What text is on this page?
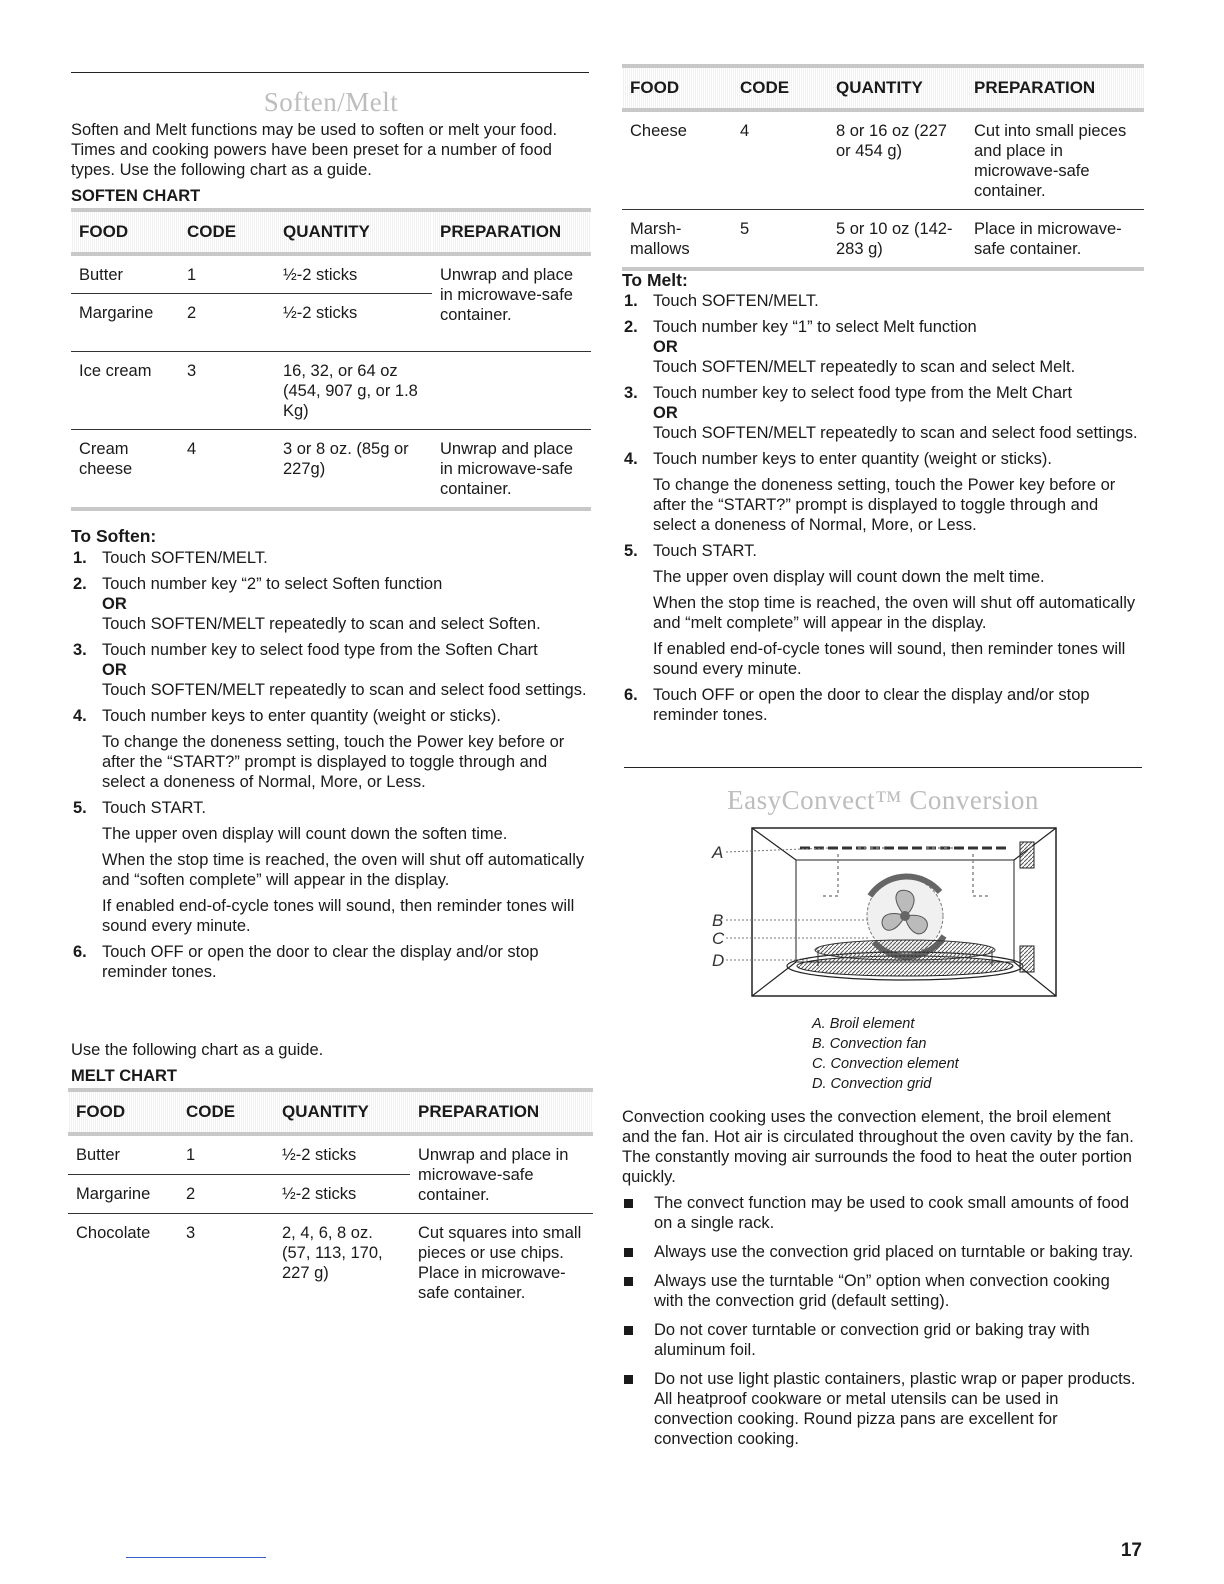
Soften/Melt
Soften and Melt functions may be used to soften or melt your food. Times and cooking powers have been preset for a number of food types. Use the following chart as a guide.
SOFTEN CHART
FOOD	CODE	QUANTITY	PREPARATION
Butter	1	½-2 sticks	Unwrap and place in microwave-safe container.
Margarine	2	½-2 sticks	
Ice cream	3	16, 32, or 64 oz (454, 907 g, or 1.8 Kg)	
Cream cheese	4	3 or 8 oz. (85g or 227g)	Unwrap and place in microwave-safe container.
To Soften:
1. Touch SOFTEN/MELT.
2. Touch number key “2” to select Soften function
OR
Touch SOFTEN/MELT repeatedly to scan and select Soften.
3. Touch number key to select food type from the Soften Chart
OR
Touch SOFTEN/MELT repeatedly to scan and select food settings.
4. Touch number keys to enter quantity (weight or sticks).
To change the doneness setting, touch the Power key before or after the “START?” prompt is displayed to toggle through and select a doneness of Normal, More, or Less.
5. Touch START.
The upper oven display will count down the soften time.
When the stop time is reached, the oven will shut off automatically and “soften complete” will appear in the display.
If enabled end-of-cycle tones will sound, then reminder tones will sound every minute.
6. Touch OFF or open the door to clear the display and/or stop reminder tones.
Use the following chart as a guide.
MELT CHART
FOOD	CODE	QUANTITY	PREPARATION
Butter	1	½-2 sticks	Unwrap and place in microwave-safe container.
Margarine	2	½-2 sticks	
Chocolate	3	2, 4, 6, 8 oz. (57, 113, 170, 227 g)	Cut squares into small pieces or use chips. Place in microwave-safe container.
FOOD	CODE	QUANTITY	PREPARATION
Cheese	4	8 or 16 oz (227 or 454 g)	Cut into small pieces and place in microwave-safe container.
Marsh- mallows	5	5 or 10 oz (142-283 g)	Place in microwave-safe container.
To Melt:
1. Touch SOFTEN/MELT.
2. Touch number key “1” to select Melt function
OR
Touch SOFTEN/MELT repeatedly to scan and select Melt.
3. Touch number key to select food type from the Melt Chart
OR
Touch SOFTEN/MELT repeatedly to scan and select food settings.
4. Touch number keys to enter quantity (weight or sticks).
To change the doneness setting, touch the Power key before or after the “START?” prompt is displayed to toggle through and select a doneness of Normal, More, or Less.
5. Touch START.
The upper oven display will count down the melt time.
When the stop time is reached, the oven will shut off automatically and “melt complete” will appear in the display.
If enabled end-of-cycle tones will sound, then reminder tones will sound every minute.
6. Touch OFF or open the door to clear the display and/or stop reminder tones.
EasyConvect™ Conversion
A
B
C
D
A. Broil element
B. Convection fan
C. Convection element
D. Convection grid
Convection cooking uses the convection element, the broil element and the fan. Hot air is circulated throughout the oven cavity by the fan. The constantly moving air surrounds the food to heat the outer portion quickly.
The convect function may be used to cook small amounts of food on a single rack.
Always use the convection grid placed on turntable or baking tray.
Always use the turntable “On” option when convection cooking with the convection grid (default setting).
Do not cover turntable or convection grid or baking tray with aluminum foil.
Do not use light plastic containers, plastic wrap or paper products. All heatproof cookware or metal utensils can be used in convection cooking. Round pizza pans are excellent for convection cooking.
17
